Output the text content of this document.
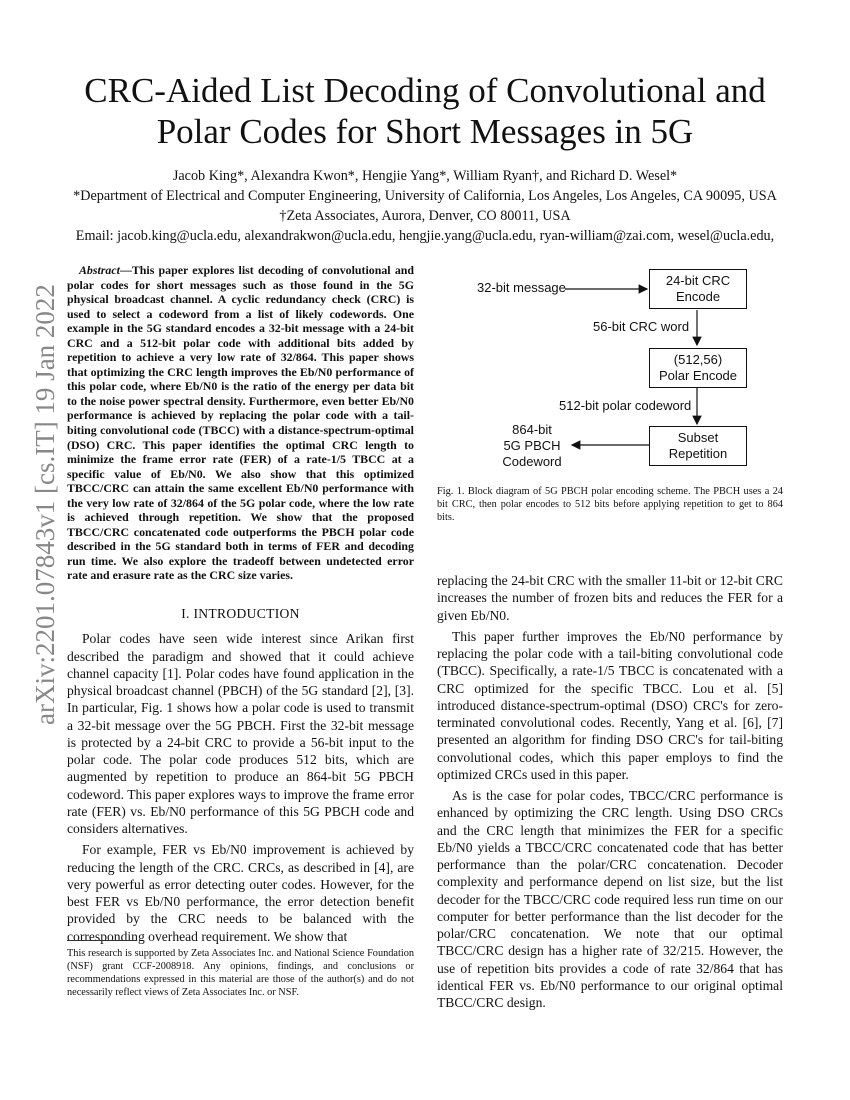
arXiv:2201.07843v1 [cs.IT] 19 Jan 2022
CRC-Aided List Decoding of Convolutional and Polar Codes for Short Messages in 5G
Jacob King*, Alexandra Kwon*, Hengjie Yang*, William Ryan†, and Richard D. Wesel*
*Department of Electrical and Computer Engineering, University of California, Los Angeles, Los Angeles, CA 90095, USA
†Zeta Associates, Aurora, Denver, CO 80011, USA
Email: jacob.king@ucla.edu, alexandrakwon@ucla.edu, hengjie.yang@ucla.edu, ryan-william@zai.com, wesel@ucla.edu,

Abstract—This paper explores list decoding of convolutional and polar codes for short messages such as those found in the 5G physical broadcast channel. A cyclic redundancy check (CRC) is used to select a codeword from a list of likely codewords. One example in the 5G standard encodes a 32-bit message with a 24-bit CRC and a 512-bit polar code with additional bits added by repetition to achieve a very low rate of 32/864. This paper shows that optimizing the CRC length improves the Eb/N0 performance of this polar code, where Eb/N0 is the ratio of the energy per data bit to the noise power spectral density. Furthermore, even better Eb/N0 performance is achieved by replacing the polar code with a tail-biting convolutional code (TBCC) with a distance-spectrum-optimal (DSO) CRC. This paper identifies the optimal CRC length to minimize the frame error rate (FER) of a rate-1/5 TBCC at a specific value of Eb/N0. We also show that this optimized TBCC/CRC can attain the same excellent Eb/N0 performance with the very low rate of 32/864 of the 5G polar code, where the low rate is achieved through repetition. We show that the proposed TBCC/CRC concatenated code outperforms the PBCH polar code described in the 5G standard both in terms of FER and decoding run time. We also explore the tradeoff between undetected error rate and erasure rate as the CRC size varies.

I. INTRODUCTION

Polar codes have seen wide interest since Arikan first described the paradigm and showed that it could achieve channel capacity [1]. Polar codes have found application in the physical broadcast channel (PBCH) of the 5G standard [2], [3]. In particular, Fig. 1 shows how a polar code is used to transmit a 32-bit message over the 5G PBCH. First the 32-bit message is protected by a 24-bit CRC to provide a 56-bit input to the polar code. The polar code produces 512 bits, which are augmented by repetition to produce an 864-bit 5G PBCH codeword. This paper explores ways to improve the frame error rate (FER) vs. Eb/N0 performance of this 5G PBCH code and considers alternatives.

For example, FER vs Eb/N0 improvement is achieved by reducing the length of the CRC. CRCs, as described in [4], are very powerful as error detecting outer codes. However, for the best FER vs Eb/N0 performance, the error detection benefit provided by the CRC needs to be balanced with the corresponding overhead requirement. We show that

This research is supported by Zeta Associates Inc. and National Science Foundation (NSF) grant CCF-2008918. Any opinions, findings, and conclusions or recommendations expressed in this material are those of the author(s) and do not necessarily reflect views of Zeta Associates Inc. or NSF.
32-bit message	24-bit CRC
Encode
56-bit CRC word
(512,56)
Polar Encode
512-bit polar codeword
Subset
Repetition
864-bit
5G PBCH
Codeword
Fig. 1. Block diagram of 5G PBCH polar encoding scheme. The PBCH uses a 24 bit CRC, then polar encodes to 512 bits before applying repetition to get to 864 bits.

replacing the 24-bit CRC with the smaller 11-bit or 12-bit CRC increases the number of frozen bits and reduces the FER for a given Eb/N0.

This paper further improves the Eb/N0 performance by replacing the polar code with a tail-biting convolutional code (TBCC). Specifically, a rate-1/5 TBCC is concatenated with a CRC optimized for the specific TBCC. Lou et al. [5] introduced distance-spectrum-optimal (DSO) CRC's for zero-terminated convolutional codes. Recently, Yang et al. [6], [7] presented an algorithm for finding DSO CRC's for tail-biting convolutional codes, which this paper employs to find the optimized CRCs used in this paper.

As is the case for polar codes, TBCC/CRC performance is enhanced by optimizing the CRC length. Using DSO CRCs and the CRC length that minimizes the FER for a specific Eb/N0 yields a TBCC/CRC concatenated code that has better performance than the polar/CRC concatenation. Decoder complexity and performance depend on list size, but the list decoder for the TBCC/CRC code required less run time on our computer for better performance than the list decoder for the polar/CRC concatenation. We note that our optimal TBCC/CRC design has a higher rate of 32/215. However, the use of repetition bits provides a code of rate 32/864 that has identical FER vs. Eb/N0 performance to our original optimal TBCC/CRC design.
